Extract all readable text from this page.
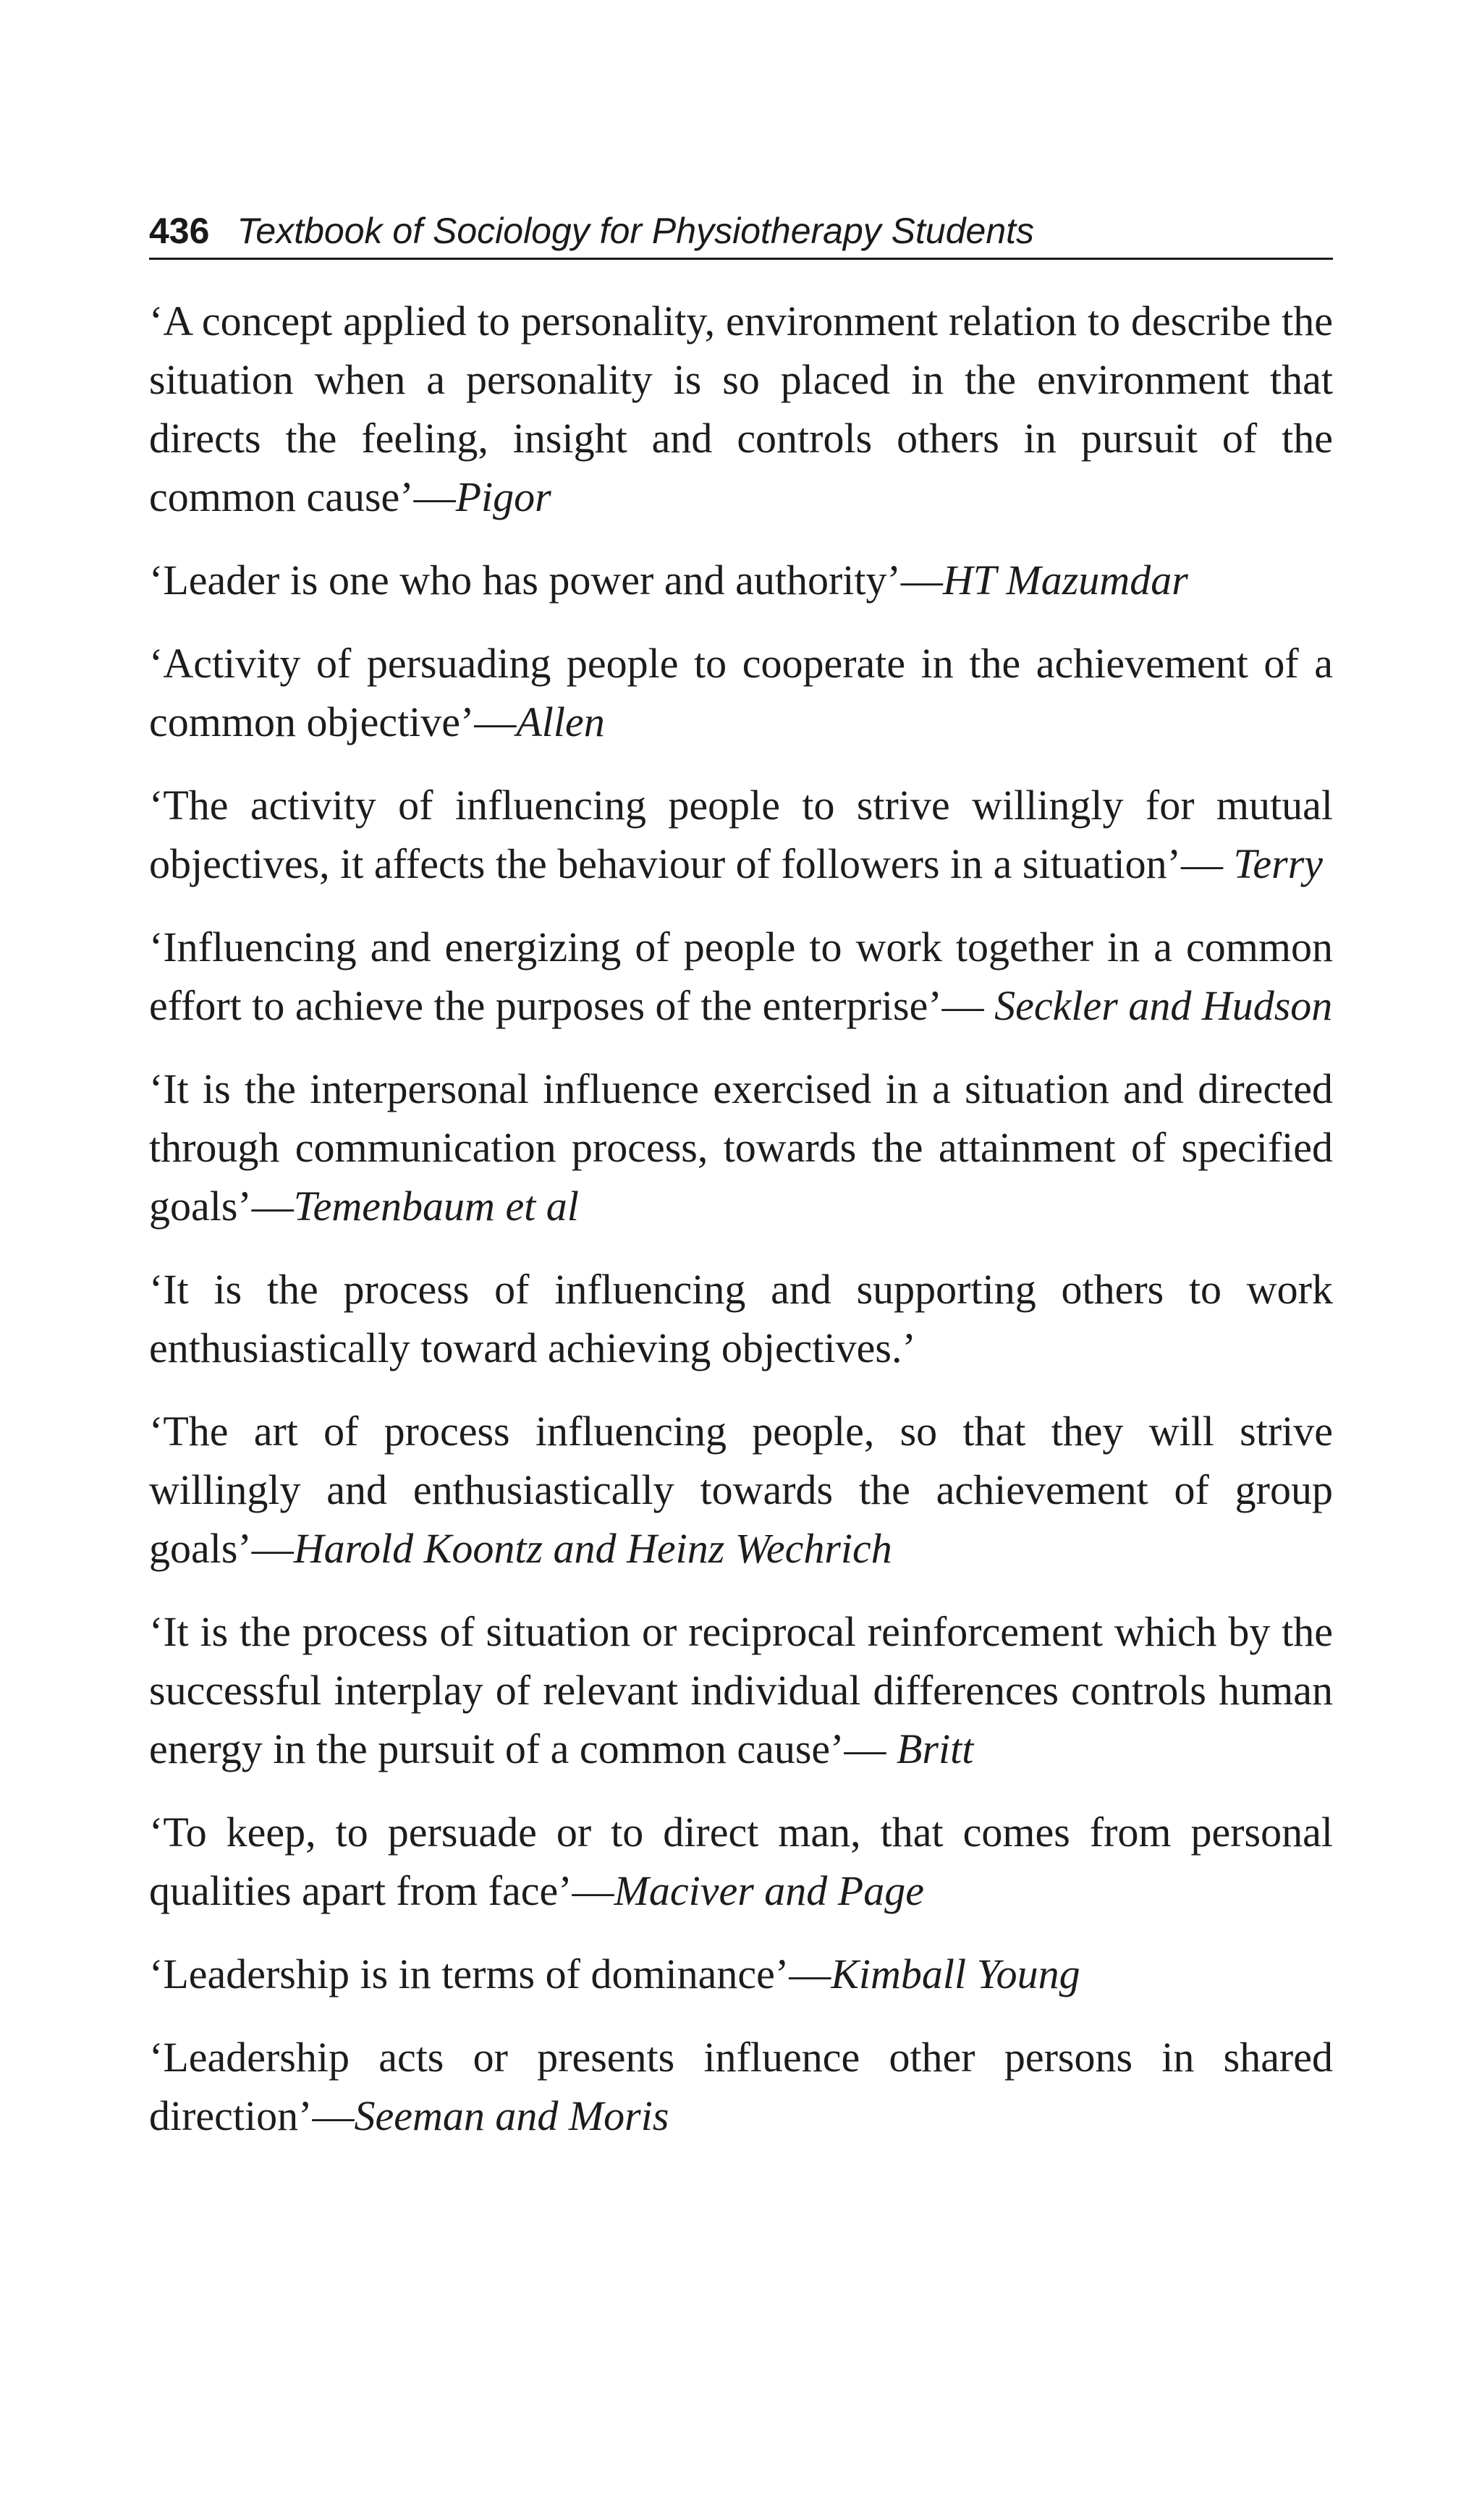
436 Textbook of Sociology for Physiotherapy Students

‘A concept applied to personality, environment relation to describe the situation when a personality is so placed in the environment that directs the feeling, insight and controls others in pursuit of the common cause’—Pigor

‘Leader is one who has power and authority’—HT Mazumdar

‘Activity of persuading people to cooperate in the achievement of a common objective’—Allen

‘The activity of influencing people to strive willingly for mutual objectives, it affects the behaviour of followers in a situation’— Terry

‘Influencing and energizing of people to work together in a common effort to achieve the purposes of the enterprise’— Seckler and Hudson

‘It is the interpersonal influence exercised in a situation and directed through communication process, towards the attainment of specified goals’—Temenbaum et al

‘It is the process of influencing and supporting others to work enthusiastically toward achieving objectives.’

‘The art of process influencing people, so that they will strive willingly and enthusiastically towards the achievement of group goals’—Harold Koontz and Heinz Wechrich

‘It is the process of situation or reciprocal reinforcement which by the successful interplay of relevant individual differences controls human energy in the pursuit of a common cause’— Britt

‘To keep, to persuade or to direct man, that comes from personal qualities apart from face’—Maciver and Page

‘Leadership is in terms of dominance’—Kimball Young

‘Leadership acts or presents influence other persons in shared direction’—Seeman and Moris
